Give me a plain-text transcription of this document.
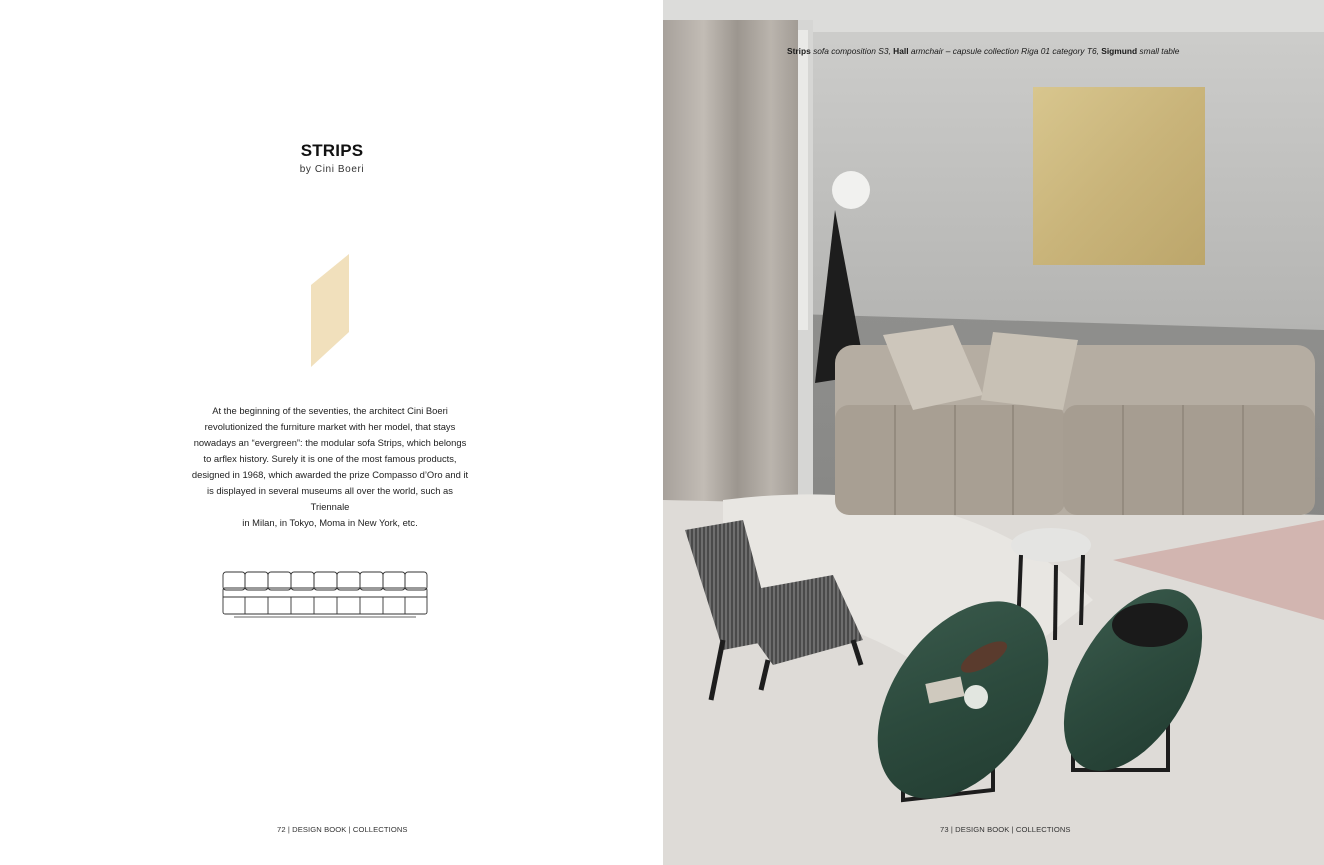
STRIPS
by Cini Boeri
At the beginning of the seventies, the architect Cini Boeri
revolutionized the furniture market with her model, that stays
nowadays an “evergreen”: the modular sofa Strips, which belongs
to arflex history. Surely it is one of the most famous products,
designed in 1968, which awarded the prize Compasso d’Oro and it
is displayed in several museums all over the world, such as Triennale
in Milan, in Tokyo, Moma in New York, etc.
72 | DESIGN BOOK | COLLECTIONS
Strips sofa composition S3, Hall armchair – capsule collection Riga 01 category T6, Sigmund small table
73 | DESIGN BOOK | COLLECTIONS
